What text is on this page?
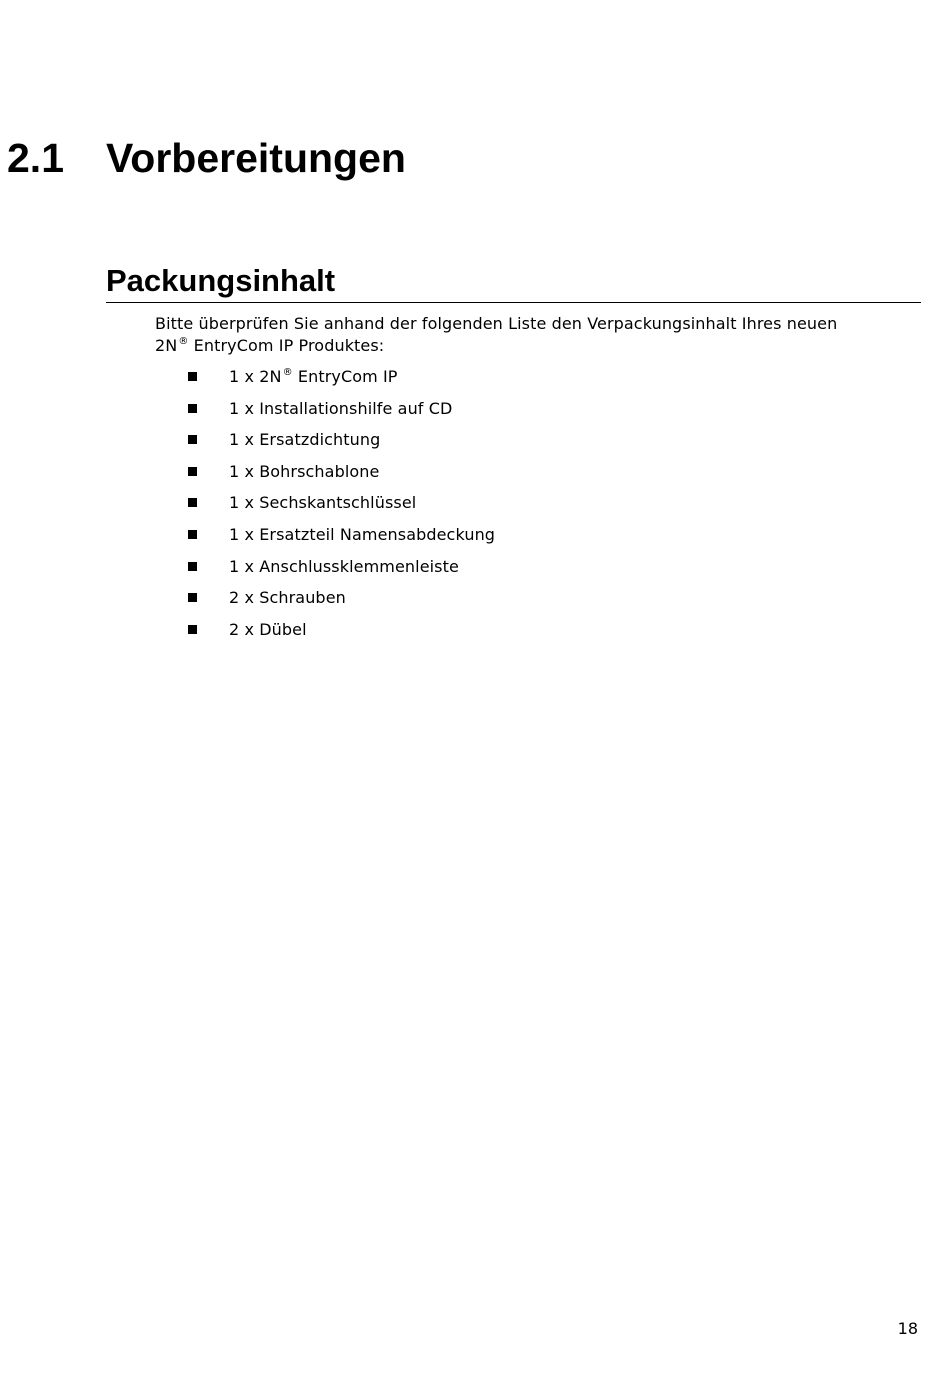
2.1 Vorbereitungen
Packungsinhalt

Bitte überprüfen Sie anhand der folgenden Liste den Verpackungsinhalt Ihres neuen
2N® EntryCom IP Produktes:

1 x 2N® EntryCom IP
1 x Installationshilfe auf CD
1 x Ersatzdichtung
1 x Bohrschablone
1 x Sechskantschlüssel
1 x Ersatzteil Namensabdeckung
1 x Anschlussklemmenleiste
2 x Schrauben
2 x Dübel
18
